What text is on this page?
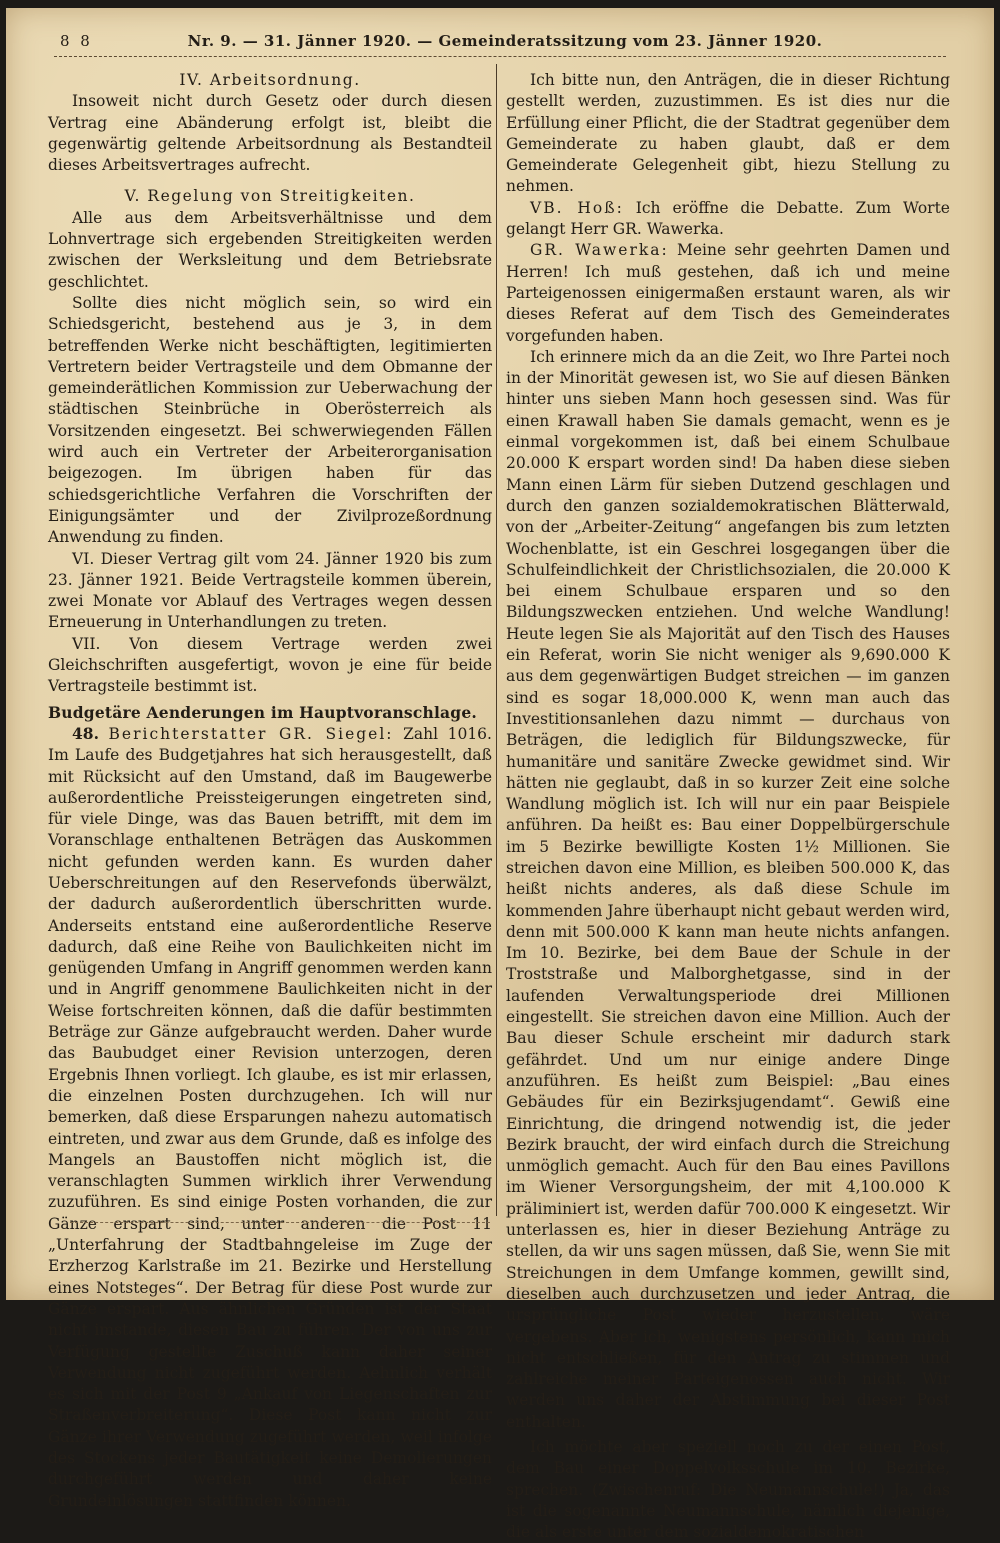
8 8	Nr. 9. — 31. Jänner 1920. — Gemeinderatssitzung vom 23. Jänner 1920.
IV. Arbeitsordnung.

Insoweit nicht durch Gesetz oder durch diesen Vertrag eine Abänderung erfolgt ist, bleibt die gegenwärtig geltende Arbeitsordnung als Bestandteil dieses Arbeitsvertrages aufrecht.

V. Regelung von Streitigkeiten.

Alle aus dem Arbeitsverhältnisse und dem Lohnvertrage sich ergebenden Streitigkeiten werden zwischen der Werksleitung und dem Betriebsrate geschlichtet.

Sollte dies nicht möglich sein, so wird ein Schiedsgericht, bestehend aus je 3, in dem betreffenden Werke nicht beschäftigten, legitimierten Vertretern beider Vertragsteile und dem Obmanne der gemeinderätlichen Kommission zur Ueberwachung der städtischen Steinbrüche in Oberösterreich als Vorsitzenden eingesetzt. Bei schwerwiegenden Fällen wird auch ein Vertreter der Arbeiterorganisation beigezogen. Im übrigen haben für das schiedsgerichtliche Verfahren die Vorschriften der Einigungsämter und der Zivilprozeßordnung Anwendung zu finden.

VI. Dieser Vertrag gilt vom 24. Jänner 1920 bis zum 23. Jänner 1921. Beide Vertragsteile kommen überein, zwei Monate vor Ablauf des Vertrages wegen dessen Erneuerung in Unterhandlungen zu treten.

VII. Von diesem Vertrage werden zwei Gleichschriften ausgefertigt, wovon je eine für beide Vertragsteile bestimmt ist.

Budgetäre Aenderungen im Hauptvoranschlage.

48. Berichterstatter GR. Siegel: Zahl 1016. Im Laufe des Budgetjahres hat sich herausgestellt, daß mit Rücksicht auf den Umstand, daß im Baugewerbe außerordentliche Preissteigerungen eingetreten sind, für viele Dinge, was das Bauen betrifft, mit dem im Voranschlage enthaltenen Beträgen das Auskommen nicht gefunden werden kann. Es wurden daher Ueberschreitungen auf den Reservefonds überwälzt, der dadurch außerordentlich überschritten wurde. Anderseits entstand eine außerordentliche Reserve dadurch, daß eine Reihe von Baulichkeiten nicht im genügenden Umfang in Angriff genommen werden kann und in Angriff genommene Baulichkeiten nicht in der Weise fortschreiten können, daß die dafür bestimmten Beträge zur Gänze aufgebraucht werden. Daher wurde das Baubudget einer Revision unterzogen, deren Ergebnis Ihnen vorliegt. Ich glaube, es ist mir erlassen, die einzelnen Posten durchzugehen. Ich will nur bemerken, daß diese Ersparungen nahezu automatisch eintreten, und zwar aus dem Grunde, daß es infolge des Mangels an Baustoffen nicht möglich ist, die veranschlagten Summen wirklich ihrer Verwendung zuzuführen. Es sind einige Posten vorhanden, die zur Gänze erspart sind, unter anderen die Post 11 „Unterfahrung der Stadtbahngeleise im Zuge der Erzherzog Karlstraße im 21. Bezirke und Herstellung eines Notsteges“. Der Betrag für diese Post wurde zur Gänze erspart. Aus ähnlichen Gründen ist der Staat nicht imstande, diesen Bau zu führen. Der von uns zur Verfügung gestellte Zuschuß kann daher seiner Verwendung nicht zugeführt werden. Aehnlich verhält es sich mit der Post 9 „Ankauf von Liegenschaften zur Straßenverbreiterung“. Diese Post kann nicht zur Gänze ihrer Verwendung zugeführt werden, weil infolge des Stockens jeder Bautätigkeit keine Demolierungen durchgeführt werden und daher keine Grundeinlösungen stattfinden können.

Ich bitte nun, den Anträgen, die in dieser Richtung gestellt werden, zuzustimmen. Es ist dies nur die Erfüllung einer Pflicht, die der Stadtrat gegenüber dem Gemeinderate zu haben glaubt, daß er dem Gemeinderate Gelegenheit gibt, hiezu Stellung zu nehmen.

VB. Hoß: Ich eröffne die Debatte. Zum Worte gelangt Herr GR. Wawerka.

GR. Wawerka: Meine sehr geehrten Damen und Herren! Ich muß gestehen, daß ich und meine Parteigenossen einigermaßen erstaunt waren, als wir dieses Referat auf dem Tisch des Gemeinderates vorgefunden haben.

Ich erinnere mich da an die Zeit, wo Ihre Partei noch in der Minorität gewesen ist, wo Sie auf diesen Bänken hinter uns sieben Mann hoch gesessen sind. Was für einen Krawall haben Sie damals gemacht, wenn es je einmal vorgekommen ist, daß bei einem Schulbaue 20.000 K erspart worden sind! Da haben diese sieben Mann einen Lärm für sieben Dutzend geschlagen und durch den ganzen sozialdemokratischen Blätterwald, von der „Arbeiter-Zeitung“ angefangen bis zum letzten Wochenblatte, ist ein Geschrei losgegangen über die Schulfeindlichkeit der Christlichsozialen, die 20.000 K bei einem Schulbaue ersparen und so den Bildungszwecken entziehen. Und welche Wandlung! Heute legen Sie als Majorität auf den Tisch des Hauses ein Referat, worin Sie nicht weniger als 9,690.000 K aus dem gegenwärtigen Budget streichen — im ganzen sind es sogar 18,000.000 K, wenn man auch das Investitionsanlehen dazu nimmt — durchaus von Beträgen, die lediglich für Bildungszwecke, für humanitäre und sanitäre Zwecke gewidmet sind. Wir hätten nie geglaubt, daß in so kurzer Zeit eine solche Wandlung möglich ist. Ich will nur ein paar Beispiele anführen. Da heißt es: Bau einer Doppelbürgerschule im 5 Bezirke bewilligte Kosten 1½ Millionen. Sie streichen davon eine Million, es bleiben 500.000 K, das heißt nichts anderes, als daß diese Schule im kommenden Jahre überhaupt nicht gebaut werden wird, denn mit 500.000 K kann man heute nichts anfangen. Im 10. Bezirke, bei dem Baue der Schule in der Troststraße und Malborghetgasse, sind in der laufenden Verwaltungsperiode drei Millionen eingestellt. Sie streichen davon eine Million. Auch der Bau dieser Schule erscheint mir dadurch stark gefährdet. Und um nur einige andere Dinge anzuführen. Es heißt zum Beispiel: „Bau eines Gebäudes für ein Bezirksjugendamt“. Gewiß eine Einrichtung, die dringend notwendig ist, die jeder Bezirk braucht, der wird einfach durch die Streichung unmöglich gemacht. Auch für den Bau eines Pavillons im Wiener Versorgungsheim, der mit 4,100.000 K präliminiert ist, werden dafür 700.000 K eingesetzt. Wir unterlassen es, hier in dieser Beziehung Anträge zu stellen, da wir uns sagen müssen, daß Sie, wenn Sie mit Streichungen in dem Umfange kommen, gewillt sind, dieselben auch durchzusetzen und jeder Antrag, die ursprüngliche Post wieder herzustellen, wäre vergebens. Aber ich, wenigstens persönlich, kann mich nicht entschließen, für den Antrag zu stimmen und zahlreiche meiner Parteigenossen auch nicht. Wir werden uns daher der Abstimmung bei dieser Post enthalten.

Ich möchte aber speziell noch zu der einen Post, dem Bau einer Doppelvolksschule im 10. Bezirke, sprechen. (Zwischenruf: Die Neumannschule!) Ja, das ist die sogenannte Neumannschule, nämlich diejenige, die als erste unter dem sozialdemokratischen
